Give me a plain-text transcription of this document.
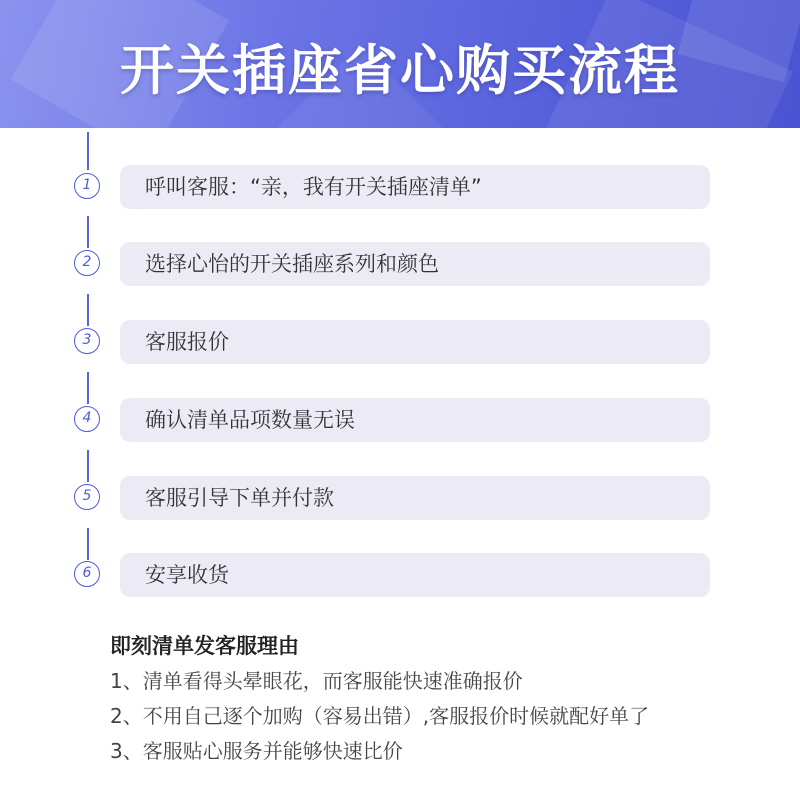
开关插座省心购买流程
1	呼叫客服：“亲，我有开关插座清单”
2	选择心怡的开关插座系列和颜色
3	客服报价
4	确认清单品项数量无误
5	客服引导下单并付款
6	安享收货
即刻清单发客服理由
1、清单看得头晕眼花，而客服能快速准确报价
2、不用自己逐个加购（容易出错）,客服报价时候就配好单了
3、客服贴心服务并能够快速比价
